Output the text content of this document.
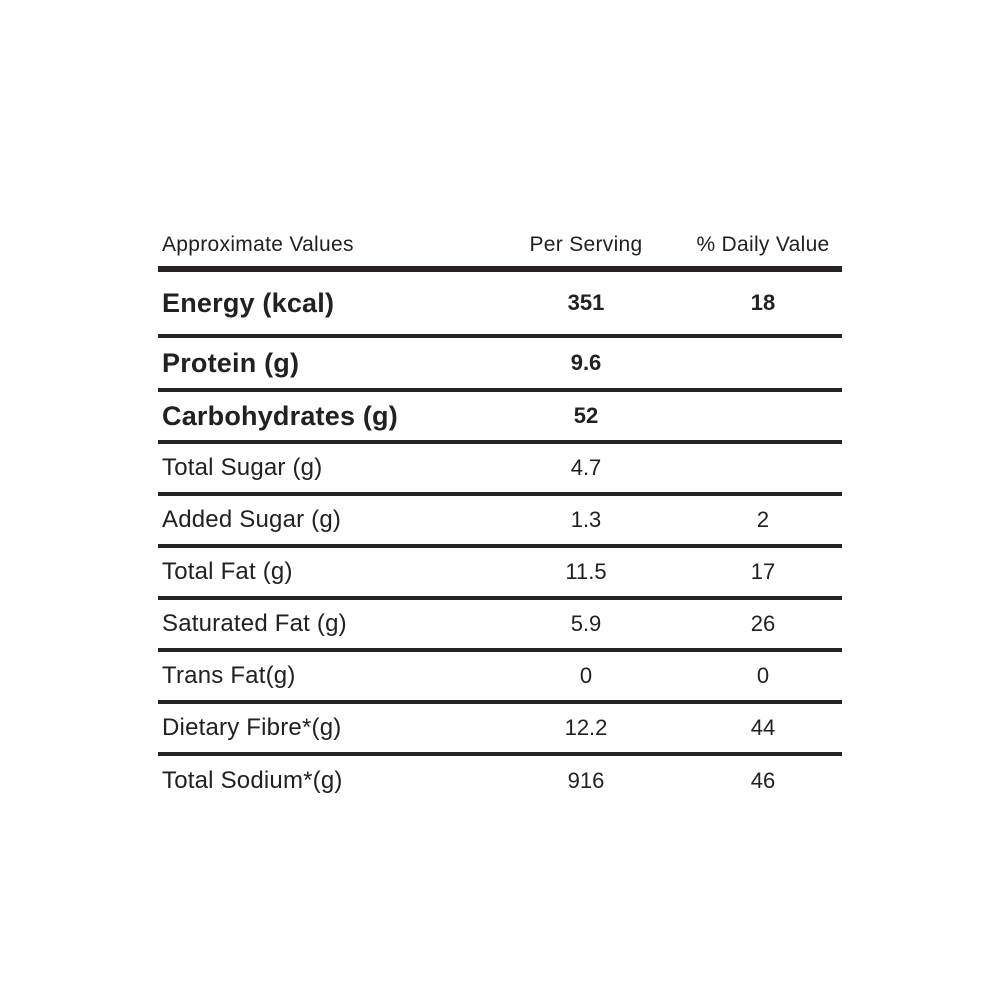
Approximate Values	Per Serving	% Daily Value
Energy (kcal)	351	18
Protein (g)	9.6
Carbohydrates (g)	52
Total Sugar (g)	4.7
Added Sugar (g)	1.3	2
Total Fat (g)	11.5	17
Saturated Fat (g)	5.9	26
Trans Fat(g)	0	0
Dietary Fibre*(g)	12.2	44
Total Sodium*(g)	916	46
